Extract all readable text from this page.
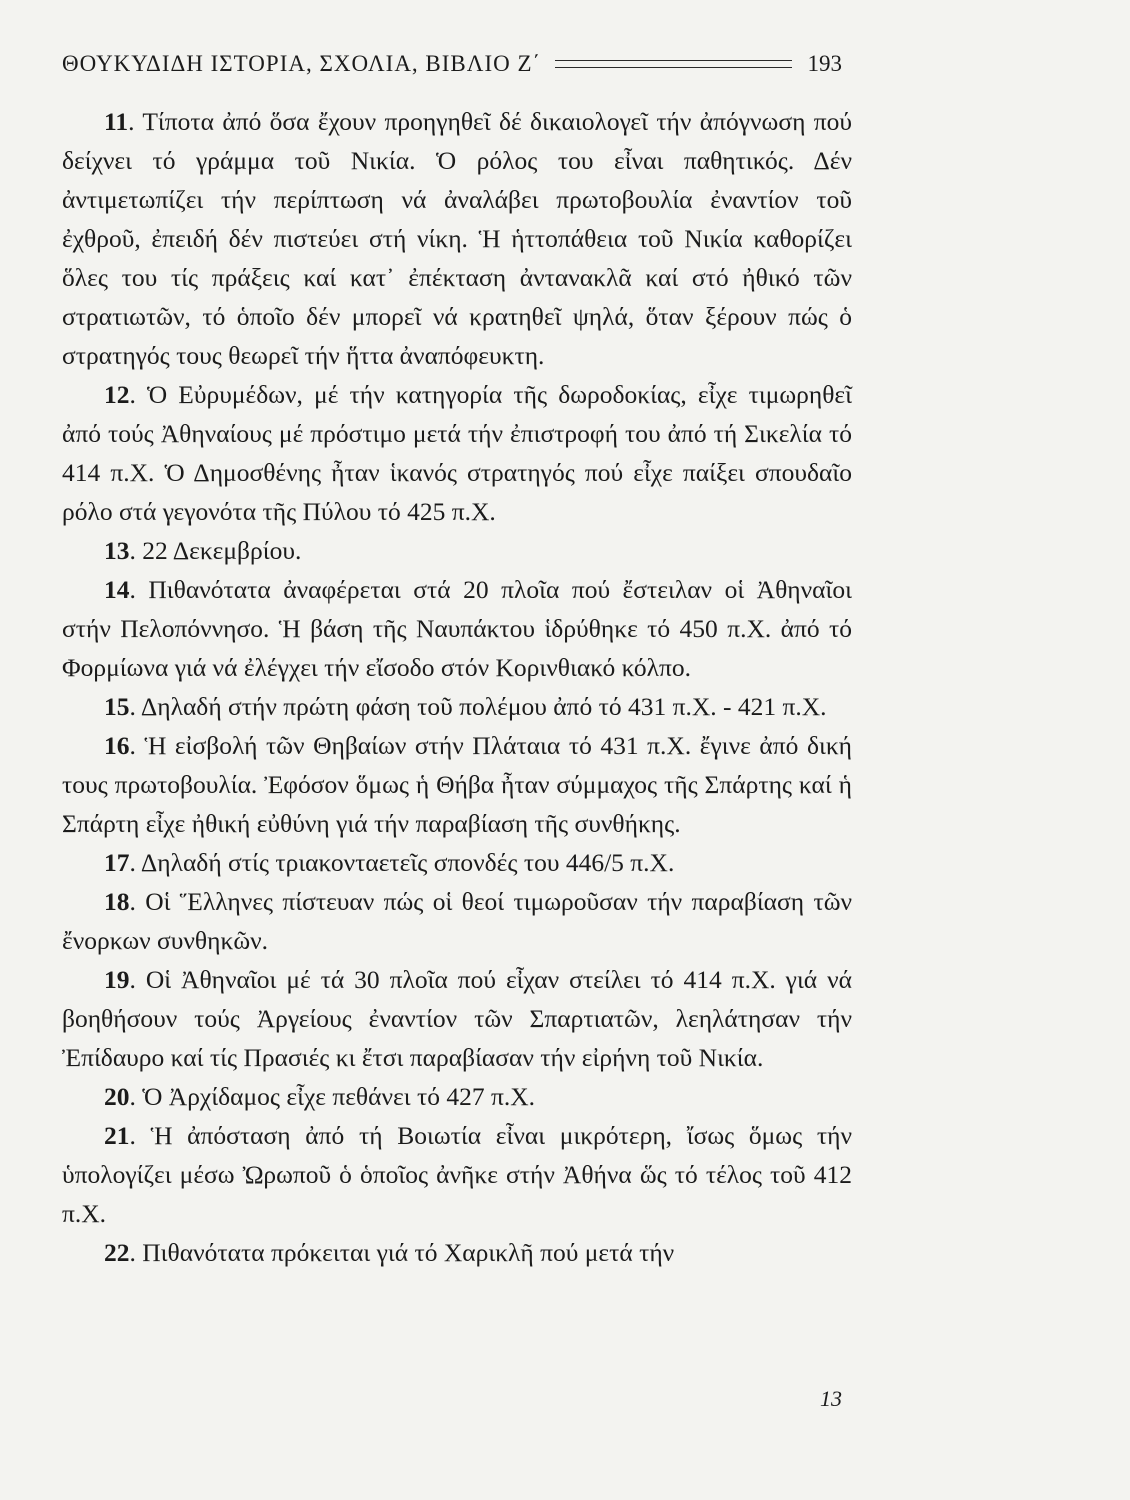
ΘΟΥΚΥΔΙΔΗ ΙΣΤΟΡΙΑ, ΣΧΟΛΙΑ, ΒΙΒΛΙΟ Ζ΄	193

11. Τίποτα ἀπό ὅσα ἔχουν προηγηθεῖ δέ δικαιολογεῖ τήν ἀπόγνωση πού δείχνει τό γράμμα τοῦ Νικία. Ὁ ρόλος του εἶναι παθητικός. Δέν ἀντιμετωπίζει τήν περίπτωση νά ἀναλάβει πρωτοβουλία ἐναντίον τοῦ ἐχθροῦ, ἐπειδή δέν πιστεύει στή νίκη. Ἡ ἡττοπάθεια τοῦ Νικία καθορίζει ὅλες του τίς πράξεις καί κατ᾽ ἐπέκταση ἀντανακλᾶ καί στό ἠθικό τῶν στρατιωτῶν, τό ὁποῖο δέν μπορεῖ νά κρατηθεῖ ψηλά, ὅταν ξέρουν πώς ὁ στρατηγός τους θεωρεῖ τήν ἥττα ἀναπόφευκτη.

12. Ὁ Εὐρυμέδων, μέ τήν κατηγορία τῆς δωροδοκίας, εἶχε τιμωρηθεῖ ἀπό τούς Ἀθηναίους μέ πρόστιμο μετά τήν ἐπιστροφή του ἀπό τή Σικελία τό 414 π.Χ. Ὁ Δημοσθένης ἦταν ἱκανός στρατηγός πού εἶχε παίξει σπουδαῖο ρόλο στά γεγονότα τῆς Πύλου τό 425 π.Χ.

13. 22 Δεκεμβρίου.

14. Πιθανότατα ἀναφέρεται στά 20 πλοῖα πού ἔστειλαν οἱ Ἀθηναῖοι στήν Πελοπόννησο. Ἡ βάση τῆς Ναυπάκτου ἱδρύθηκε τό 450 π.Χ. ἀπό τό Φορμίωνα γιά νά ἐλέγχει τήν εἴσοδο στόν Κορινθιακό κόλπο.

15. Δηλαδή στήν πρώτη φάση τοῦ πολέμου ἀπό τό 431 π.Χ. - 421 π.Χ.

16. Ἡ εἰσβολή τῶν Θηβαίων στήν Πλάταια τό 431 π.Χ. ἔγινε ἀπό δική τους πρωτοβουλία. Ἐφόσον ὅμως ἡ Θήβα ἦταν σύμμαχος τῆς Σπάρτης καί ἡ Σπάρτη εἶχε ἠθική εὐθύνη γιά τήν παραβίαση τῆς συνθήκης.

17. Δηλαδή στίς τριακονταετεῖς σπονδές του 446/5 π.Χ.

18. Οἱ Ἕλληνες πίστευαν πώς οἱ θεοί τιμωροῦσαν τήν παραβίαση τῶν ἔνορκων συνθηκῶν.

19. Οἱ Ἀθηναῖοι μέ τά 30 πλοῖα πού εἶχαν στείλει τό 414 π.Χ. γιά νά βοηθήσουν τούς Ἀργείους ἐναντίον τῶν Σπαρτιατῶν, λεηλάτησαν τήν Ἐπίδαυρο καί τίς Πρασιές κι ἔτσι παραβίασαν τήν εἰρήνη τοῦ Νικία.

20. Ὁ Ἀρχίδαμος εἶχε πεθάνει τό 427 π.Χ.

21. Ἡ ἀπόσταση ἀπό τή Βοιωτία εἶναι μικρότερη, ἴσως ὅμως τήν ὑπολογίζει μέσω Ὠρωποῦ ὁ ὁποῖος ἀνῆκε στήν Ἀθήνα ὥς τό τέλος τοῦ 412 π.Χ.

22. Πιθανότατα πρόκειται γιά τό Χαρικλῆ πού μετά τήν

13
